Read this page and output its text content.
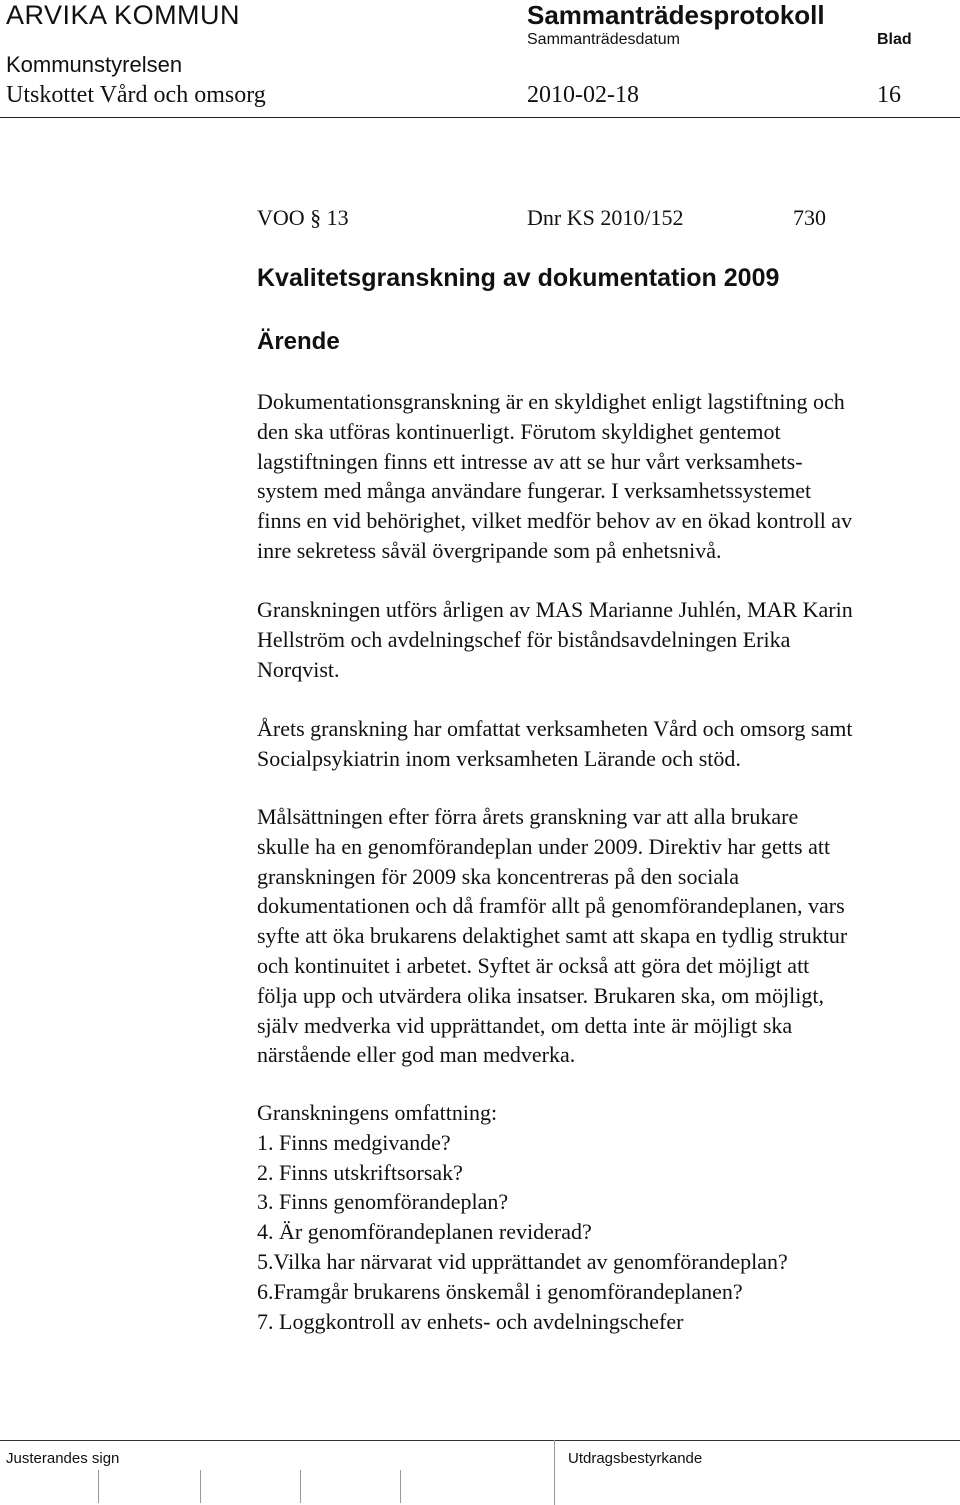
ARVIKA KOMMUN	Sammanträdesprotokoll
Sammanträdesdatum	Blad
Kommunstyrelsen
Utskottet Vård och omsorg	2010-02-18	16
VOO § 13	Dnr KS 2010/152	730
Kvalitetsgranskning av dokumentation 2009
Ärende
Dokumentationsgranskning är en skyldighet enligt lagstiftning och
den ska utföras kontinuerligt. Förutom skyldighet gentemot
lagstiftningen finns ett intresse av att se hur vårt verksamhets-
system med många användare fungerar. I verksamhetssystemet
finns en vid behörighet, vilket medför behov av en ökad kontroll av
inre sekretess såväl övergripande som på enhetsnivå.
Granskningen utförs årligen av MAS Marianne Juhlén, MAR Karin
Hellström och avdelningschef för biståndsavdelningen Erika
Norqvist.
Årets granskning har omfattat verksamheten Vård och omsorg samt
Socialpsykiatrin inom verksamheten Lärande och stöd.
Målsättningen efter förra årets granskning var att alla brukare
skulle ha en genomförandeplan under 2009. Direktiv har getts att
granskningen för 2009 ska koncentreras på den sociala
dokumentationen och då framför allt på genomförandeplanen, vars
syfte att öka brukarens delaktighet samt att skapa en tydlig struktur
och kontinuitet i arbetet. Syftet är också att göra det möjligt att
följa upp och utvärdera olika insatser. Brukaren ska, om möjligt,
själv medverka vid upprättandet, om detta inte är möjligt ska
närstående eller god man medverka.
Granskningens omfattning:
1. Finns medgivande?
2. Finns utskriftsorsak?
3. Finns genomförandeplan?
4. Är genomförandeplanen reviderad?
5.Vilka har närvarat vid upprättandet av genomförandeplan?
6.Framgår brukarens önskemål i genomförandeplanen?
7. Loggkontroll av enhets- och avdelningschefer
Justerandes sign	Utdragsbestyrkande
